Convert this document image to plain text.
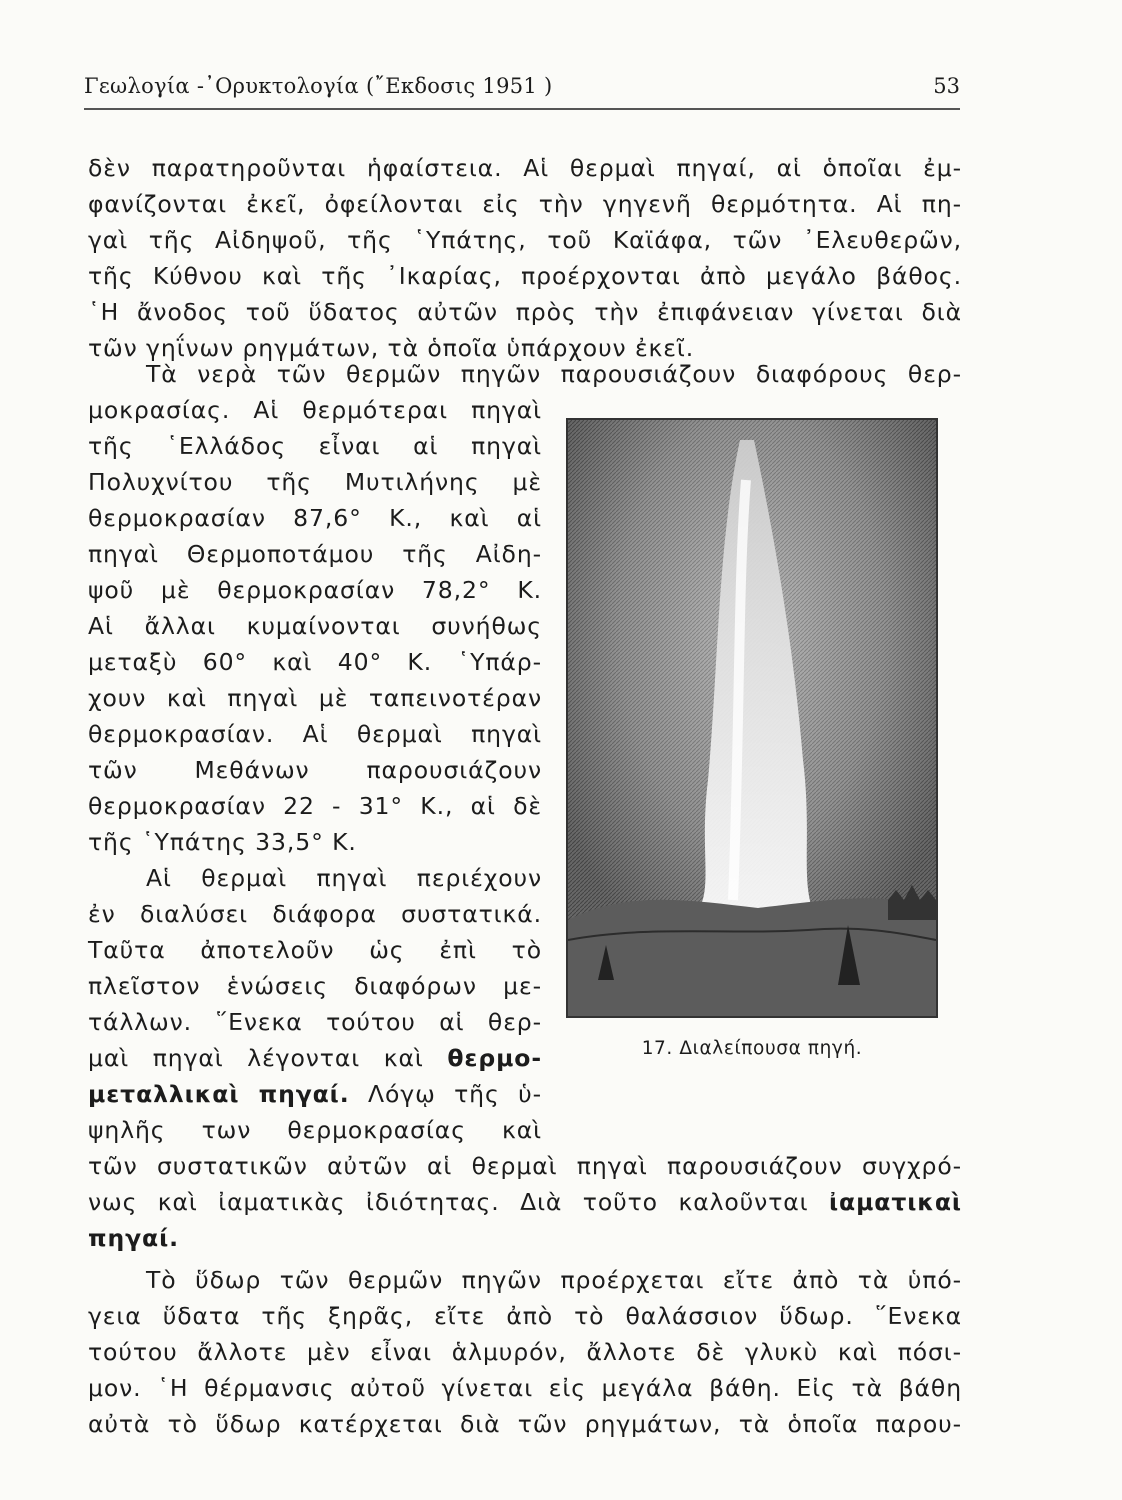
Γεωλογία -᾿Ορυκτολογία (῎Εκδοσις 1951 )	53
δὲν παρατηροῦνται ἡφαίστεια. Αἱ θερμαὶ πηγαί, αἱ ὁποῖαι ἐμ-
φανίζονται ἐκεῖ, ὀφείλονται εἰς τὴν γηγενῆ θερμότητα. Αἱ πη-
γαὶ τῆς Αἰδηψοῦ, τῆς ῾Υπάτης, τοῦ Καϊάφα, τῶν ᾿Ελευθερῶν,
τῆς Κύθνου καὶ τῆς ᾿Ικαρίας, προέρχονται ἀπὸ μεγάλο βάθος.
῾Η ἄνοδος τοῦ ὕδατος αὐτῶν πρὸς τὴν ἐπιφάνειαν γίνεται διὰ
τῶν γηΐνων ρηγμάτων, τὰ ὁποῖα ὑπάρχουν ἐκεῖ.
Τὰ νερὰ τῶν θερμῶν πηγῶν παρουσιάζουν διαφόρους θερ-
μοκρασίας. Αἱ θερμότεραι πηγαὶ
τῆς ῾Ελλάδος εἶναι αἱ πηγαὶ
Πολυχνίτου τῆς Μυτιλήνης μὲ
θερμοκρασίαν 87,6° Κ., καὶ αἱ
πηγαὶ Θερμοποτάμου τῆς Αἰδη-
ψοῦ μὲ θερμοκρασίαν 78,2° Κ.
Αἱ ἄλλαι κυμαίνονται συνήθως
μεταξὺ 60° καὶ 40° Κ. ῾Υπάρ-
χουν καὶ πηγαὶ μὲ ταπεινοτέραν
θερμοκρασίαν. Αἱ θερμαὶ πηγαὶ
τῶν Μεθάνων παρουσιάζουν
θερμοκρασίαν 22 - 31° Κ., αἱ δὲ
τῆς ῾Υπάτης 33,5° Κ.
Αἱ θερμαὶ πηγαὶ περιέχουν
ἐν διαλύσει διάφορα συστατικά.
Ταῦτα ἀποτελοῦν ὡς ἐπὶ τὸ
πλεῖστον ἑνώσεις διαφόρων με-
τάλλων. ῞Ενεκα τούτου αἱ θερ-
μαὶ πηγαὶ λέγονται καὶ θερμο-
μεταλλικαὶ πηγαί. Λόγῳ τῆς ὑ-
ψηλῆς των θερμοκρασίας καὶ
τῶν συστατικῶν αὐτῶν αἱ θερμαὶ πηγαὶ παρουσιάζουν συγχρό-
νως καὶ ἰαματικὰς ἰδιότητας. Διὰ τοῦτο καλοῦνται ἰαματικαὶ
πηγαί.
Τὸ ὕδωρ τῶν θερμῶν πηγῶν προέρχεται εἴτε ἀπὸ τὰ ὑπό-
γεια ὕδατα τῆς ξηρᾶς, εἴτε ἀπὸ τὸ θαλάσσιον ὕδωρ. ῞Ενεκα
τούτου ἄλλοτε μὲν εἶναι ἁλμυρόν, ἄλλοτε δὲ γλυκὺ καὶ πόσι-
μον. ῾Η θέρμανσις αὐτοῦ γίνεται εἰς μεγάλα βάθη. Εἰς τὰ βάθη
αὐτὰ τὸ ὕδωρ κατέρχεται διὰ τῶν ρηγμάτων, τὰ ὁποῖα παρου-
17. Διαλείπουσα πηγή.
